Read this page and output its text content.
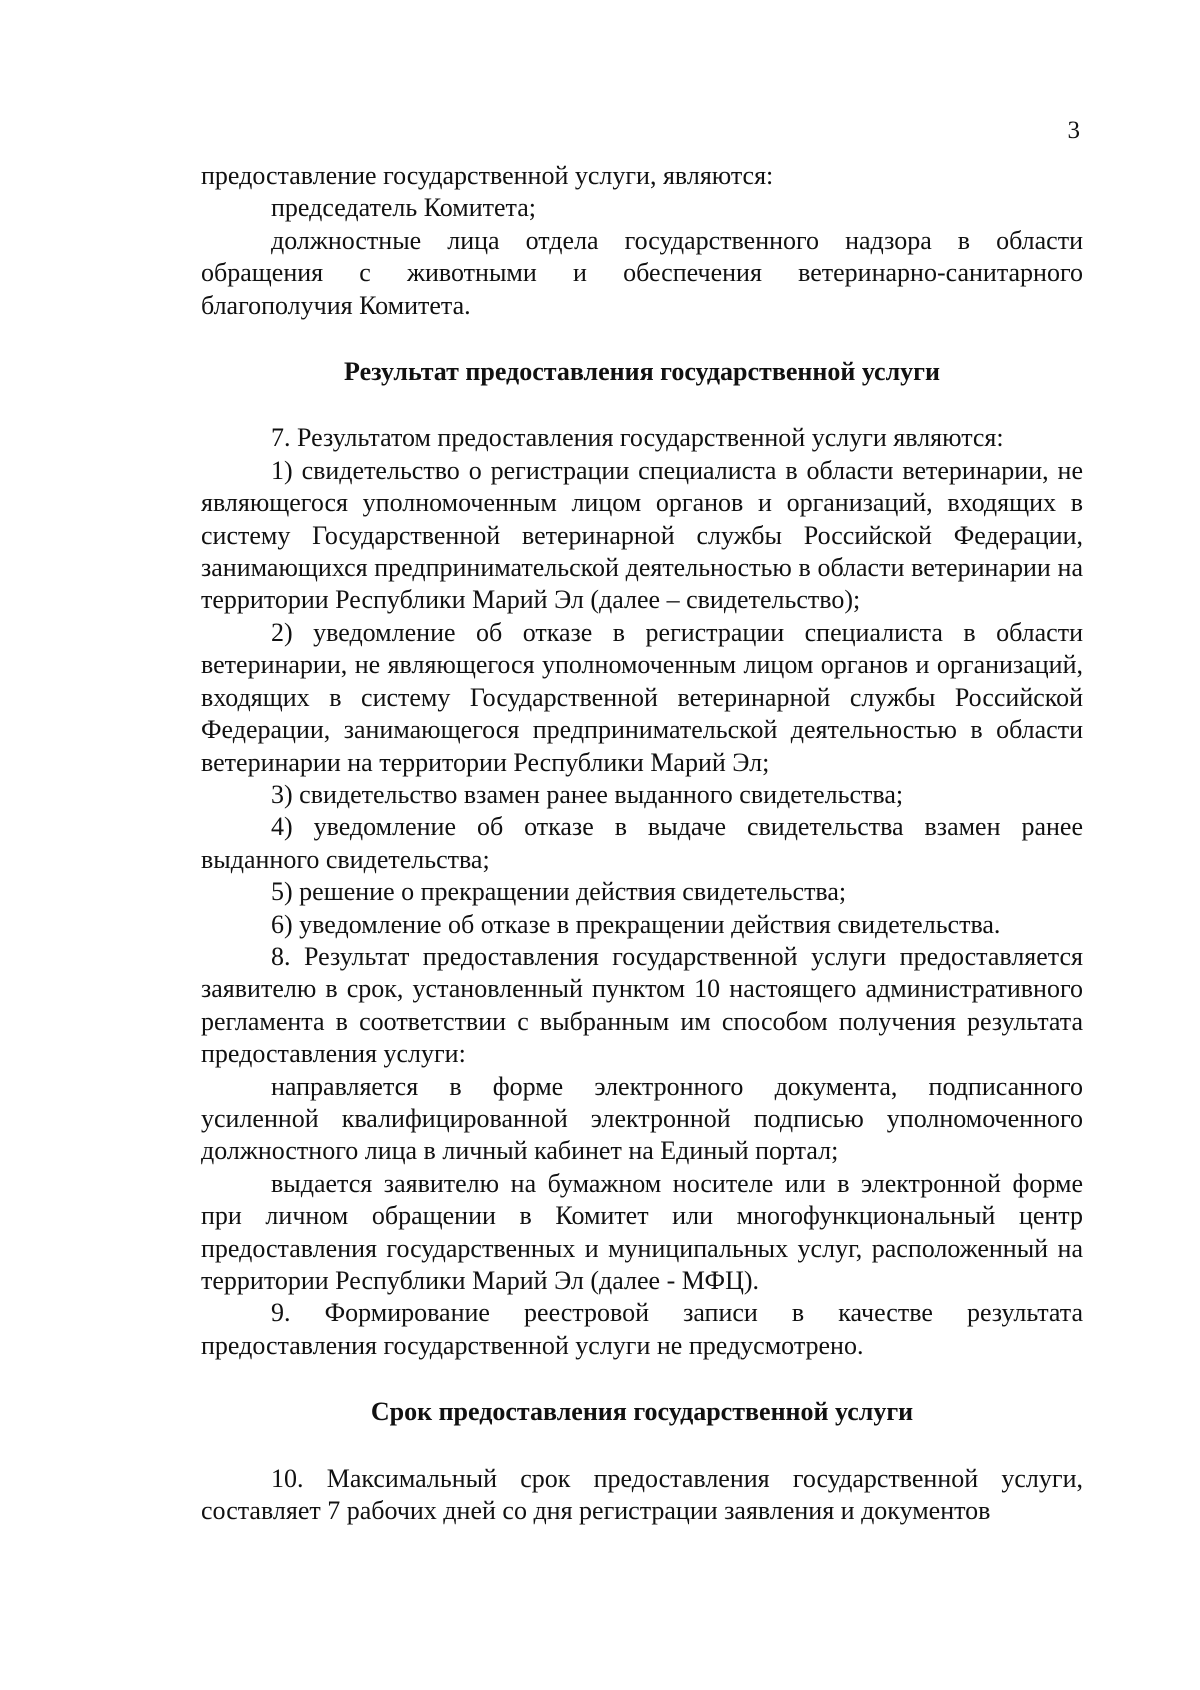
3

предоставление государственной услуги, являются:

председатель Комитета;

должностные лица отдела государственного надзора в области обращения с животными и обеспечения ветеринарно-санитарного благополучия Комитета.

Результат предоставления государственной услуги

7. Результатом предоставления государственной услуги являются:

1) свидетельство о регистрации специалиста в области ветеринарии, не являющегося уполномоченным лицом органов и организаций, входящих в систему Государственной ветеринарной службы Российской Федерации, занимающихся предпринимательской деятельностью в области ветеринарии на территории Республики Марий Эл (далее – свидетельство);

2) уведомление об отказе в регистрации специалиста в области ветеринарии, не являющегося уполномоченным лицом органов и организаций, входящих в систему Государственной ветеринарной службы Российской Федерации, занимающегося предпринимательской деятельностью в области ветеринарии на территории Республики Марий Эл;

3) свидетельство взамен ранее выданного свидетельства;

4) уведомление об отказе в выдаче свидетельства взамен ранее выданного свидетельства;

5) решение о прекращении действия свидетельства;

6) уведомление об отказе в прекращении действия свидетельства.

8. Результат предоставления государственной услуги предоставляется заявителю в срок, установленный пунктом 10 настоящего административного регламента в соответствии с выбранным им способом получения результата предоставления услуги:

направляется в форме электронного документа, подписанного усиленной квалифицированной электронной подписью уполномоченного должностного лица в личный кабинет на Единый портал;

выдается заявителю на бумажном носителе или в электронной форме при личном обращении в Комитет или многофункциональный центр предоставления государственных и муниципальных услуг, расположенный на территории Республики Марий Эл (далее - МФЦ).

9. Формирование реестровой записи в качестве результата предоставления государственной услуги не предусмотрено.

Срок предоставления государственной услуги

10. Максимальный срок предоставления государственной услуги, составляет 7 рабочих дней со дня регистрации заявления и документов
